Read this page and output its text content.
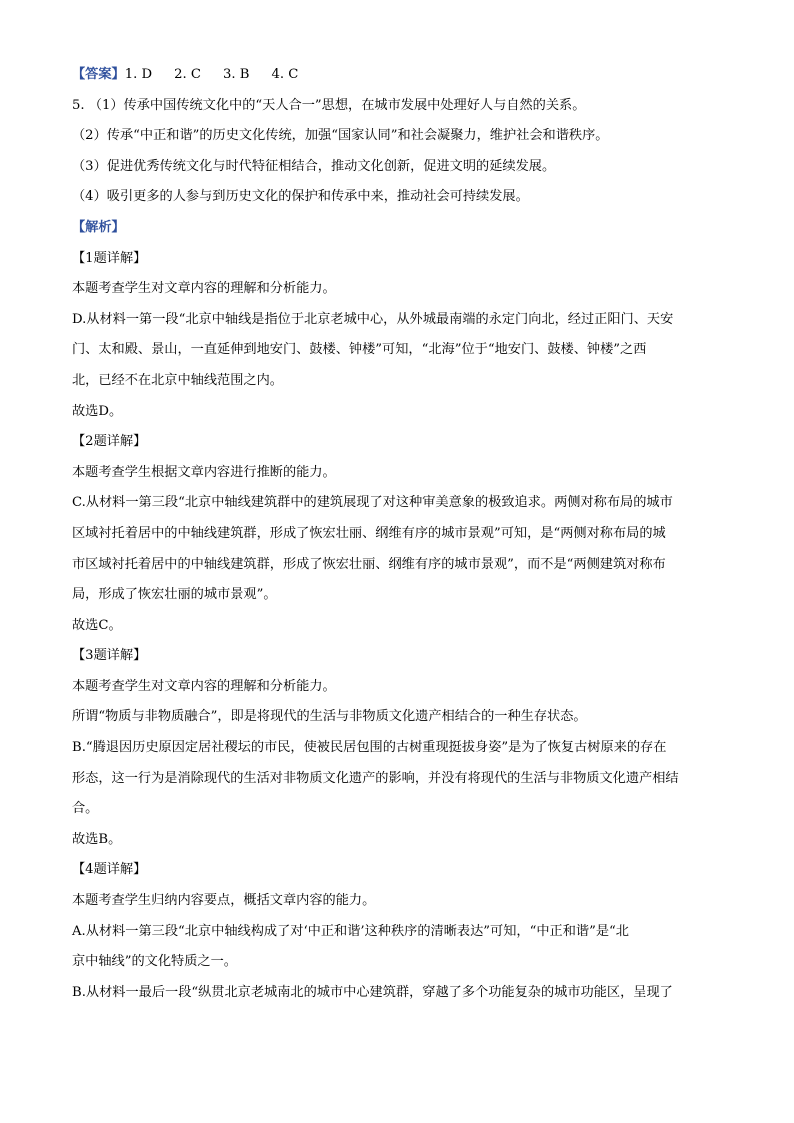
【答案】1. D 2. C 3. B 4. C
5. （1）传承中国传统文化中的“天人合一”思想，在城市发展中处理好人与自然的关系。
（2）传承“中正和谐”的历史文化传统，加强“国家认同”和社会凝聚力，维护社会和谐秩序。
（3）促进优秀传统文化与时代特征相结合，推动文化创新，促进文明的延续发展。
（4）吸引更多的人参与到历史文化的保护和传承中来，推动社会可持续发展。
【解析】
【1题详解】
本题考查学生对文章内容的理解和分析能力。
D.从材料一第一段“北京中轴线是指位于北京老城中心，从外城最南端的永定门向北，经过正阳门、天安
门、太和殿、景山，一直延伸到地安门、鼓楼、钟楼”可知，“北海”位于“地安门、鼓楼、钟楼”之西
北，已经不在北京中轴线范围之内。
故选D。
【2题详解】
本题考查学生根据文章内容进行推断的能力。
C.从材料一第三段“北京中轴线建筑群中的建筑展现了对这种审美意象的极致追求。两侧对称布局的城市
区域衬托着居中的中轴线建筑群，形成了恢宏壮丽、纲维有序的城市景观”可知，是“两侧对称布局的城
市区域衬托着居中的中轴线建筑群，形成了恢宏壮丽、纲维有序的城市景观”，而不是“两侧建筑对称布
局，形成了恢宏壮丽的城市景观”。
故选C。
【3题详解】
本题考查学生对文章内容的理解和分析能力。
所谓“物质与非物质融合”，即是将现代的生活与非物质文化遗产相结合的一种生存状态。
B.“腾退因历史原因定居社稷坛的市民，使被民居包围的古树重现挺拔身姿”是为了恢复古树原来的存在
形态，这一行为是消除现代的生活对非物质文化遗产的影响，并没有将现代的生活与非物质文化遗产相结
合。
故选B。
【4题详解】
本题考查学生归纳内容要点，概括文章内容的能力。
A.从材料一第三段“北京中轴线构成了对‘中正和谐’这种秩序的清晰表达”可知，“中正和谐”是“北
京中轴线”的文化特质之一。
B.从材料一最后一段“纵贯北京老城南北的城市中心建筑群，穿越了多个功能复杂的城市功能区，呈现了
